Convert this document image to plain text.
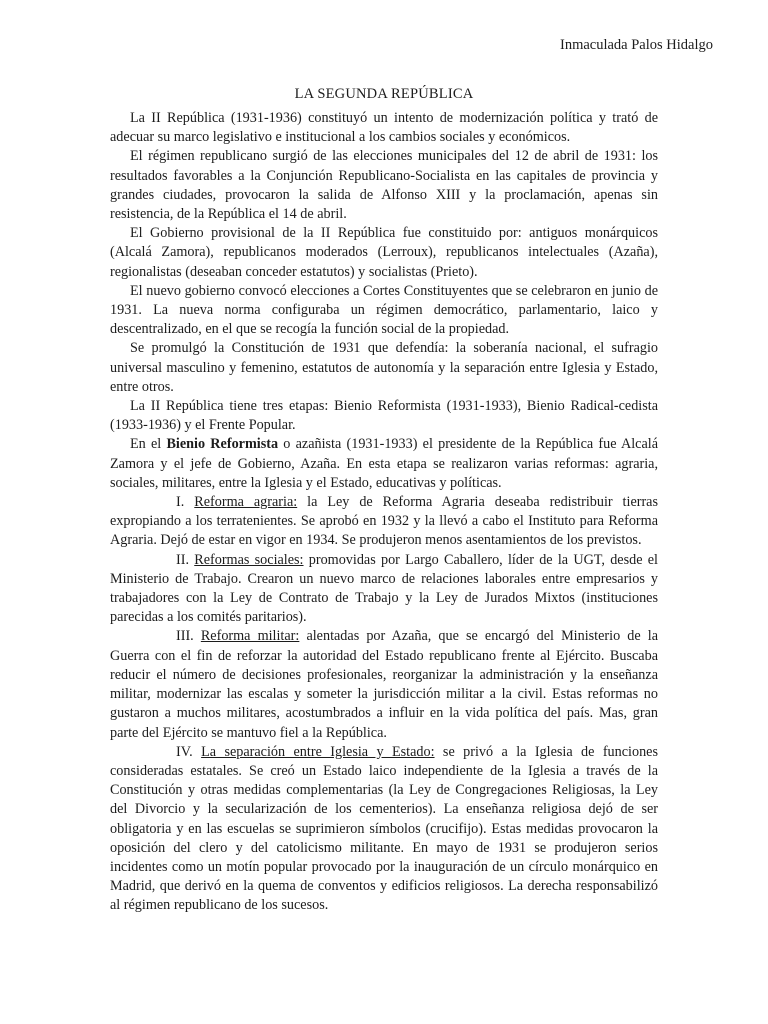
Inmaculada Palos Hidalgo
LA SEGUNDA REPÚBLICA

La II República (1931-1936) constituyó un intento de modernización política y trató de adecuar su marco legislativo e institucional a los cambios sociales y económicos.

El régimen republicano surgió de las elecciones municipales del 12 de abril de 1931: los resultados favorables a la Conjunción Republicano-Socialista en las capitales de provincia y grandes ciudades, provocaron la salida de Alfonso XIII y la proclamación, apenas sin resistencia, de la República el 14 de abril.

El Gobierno provisional de la II República fue constituido por: antiguos monárquicos (Alcalá Zamora), republicanos moderados (Lerroux), republicanos intelectuales (Azaña), regionalistas (deseaban conceder estatutos) y socialistas (Prieto).

El nuevo gobierno convocó elecciones a Cortes Constituyentes que se celebraron en junio de 1931. La nueva norma configuraba un régimen democrático, parlamentario, laico y descentralizado, en el que se recogía la función social de la propiedad.

Se promulgó la Constitución de 1931 que defendía: la soberanía nacional, el sufragio universal masculino y femenino, estatutos de autonomía y la separación entre Iglesia y Estado, entre otros.

La II República tiene tres etapas: Bienio Reformista (1931-1933), Bienio Radical-cedista (1933-1936) y el Frente Popular.

En el Bienio Reformista o azañista (1931-1933) el presidente de la República fue Alcalá Zamora y el jefe de Gobierno, Azaña. En esta etapa se realizaron varias reformas: agraria, sociales, militares, entre la Iglesia y el Estado, educativas y políticas.

I. Reforma agraria: la Ley de Reforma Agraria deseaba redistribuir tierras expropiando a los terratenientes. Se aprobó en 1932 y la llevó a cabo el Instituto para Reforma Agraria. Dejó de estar en vigor en 1934. Se produjeron menos asentamientos de los previstos.

II. Reformas sociales: promovidas por Largo Caballero, líder de la UGT, desde el Ministerio de Trabajo. Crearon un nuevo marco de relaciones laborales entre empresarios y trabajadores con la Ley de Contrato de Trabajo y la Ley de Jurados Mixtos (instituciones parecidas a los comités paritarios).

III. Reforma militar: alentadas por Azaña, que se encargó del Ministerio de la Guerra con el fin de reforzar la autoridad del Estado republicano frente al Ejército. Buscaba reducir el número de decisiones profesionales, reorganizar la administración y la enseñanza militar, modernizar las escalas y someter la jurisdicción militar a la civil. Estas reformas no gustaron a muchos militares, acostumbrados a influir en la vida política del país. Mas, gran parte del Ejército se mantuvo fiel a la República.

IV. La separación entre Iglesia y Estado: se privó a la Iglesia de funciones consideradas estatales. Se creó un Estado laico independiente de la Iglesia a través de la Constitución y otras medidas complementarias (la Ley de Congregaciones Religiosas, la Ley del Divorcio y la secularización de los cementerios). La enseñanza religiosa dejó de ser obligatoria y en las escuelas se suprimieron símbolos (crucifijo). Estas medidas provocaron la oposición del clero y del catolicismo militante. En mayo de 1931 se produjeron serios incidentes como un motín popular provocado por la inauguración de un círculo monárquico en Madrid, que derivó en la quema de conventos y edificios religiosos. La derecha responsabilizó al régimen republicano de los sucesos.
